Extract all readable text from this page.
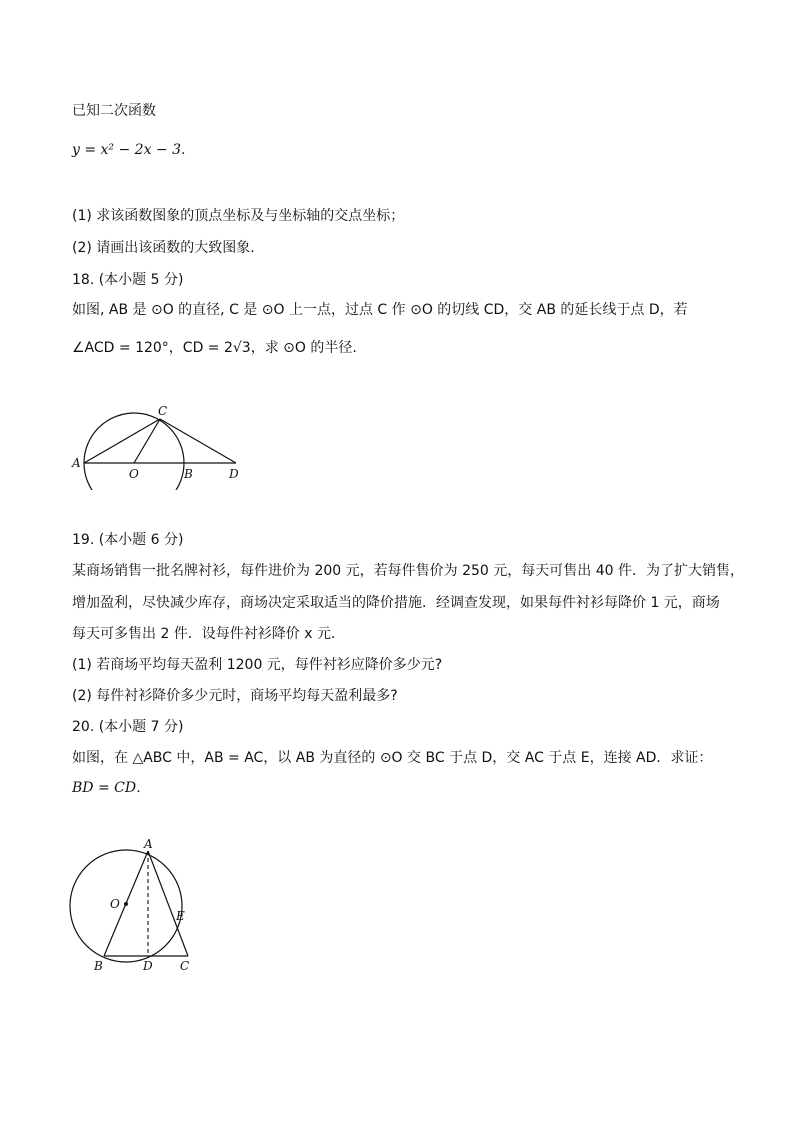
已知二次函数
y = x² − 2x − 3.
(1) 求该函数图象的顶点坐标及与坐标轴的交点坐标；
(2) 请画出该函数的大致图象.
18. (本小题 5 分)
如图, AB 是 ⊙O 的直径, C 是 ⊙O 上一点，过点 C 作 ⊙O 的切线 CD，交 AB 的延长线于点 D，若
∠ACD = 120°，CD = 2√3，求 ⊙O 的半径.
A
C
O	B	D
19. (本小题 6 分)
某商场销售一批名牌衬衫，每件进价为 200 元，若每件售价为 250 元，每天可售出 40 件．为了扩大销售，
增加盈利，尽快减少库存，商场决定采取适当的降价措施．经调查发现，如果每件衬衫每降价 1 元，商场
每天可多售出 2 件．设每件衬衫降价 x 元．
(1) 若商场平均每天盈利 1200 元，每件衬衫应降价多少元?
(2) 每件衬衫降价多少元时，商场平均每天盈利最多?
20. (本小题 7 分)
如图，在 △ABC 中，AB = AC，以 AB 为直径的 ⊙O 交 BC 于点 D，交 AC 于点 E，连接 AD．求证：
BD = CD．
A
O
E
B	D C
